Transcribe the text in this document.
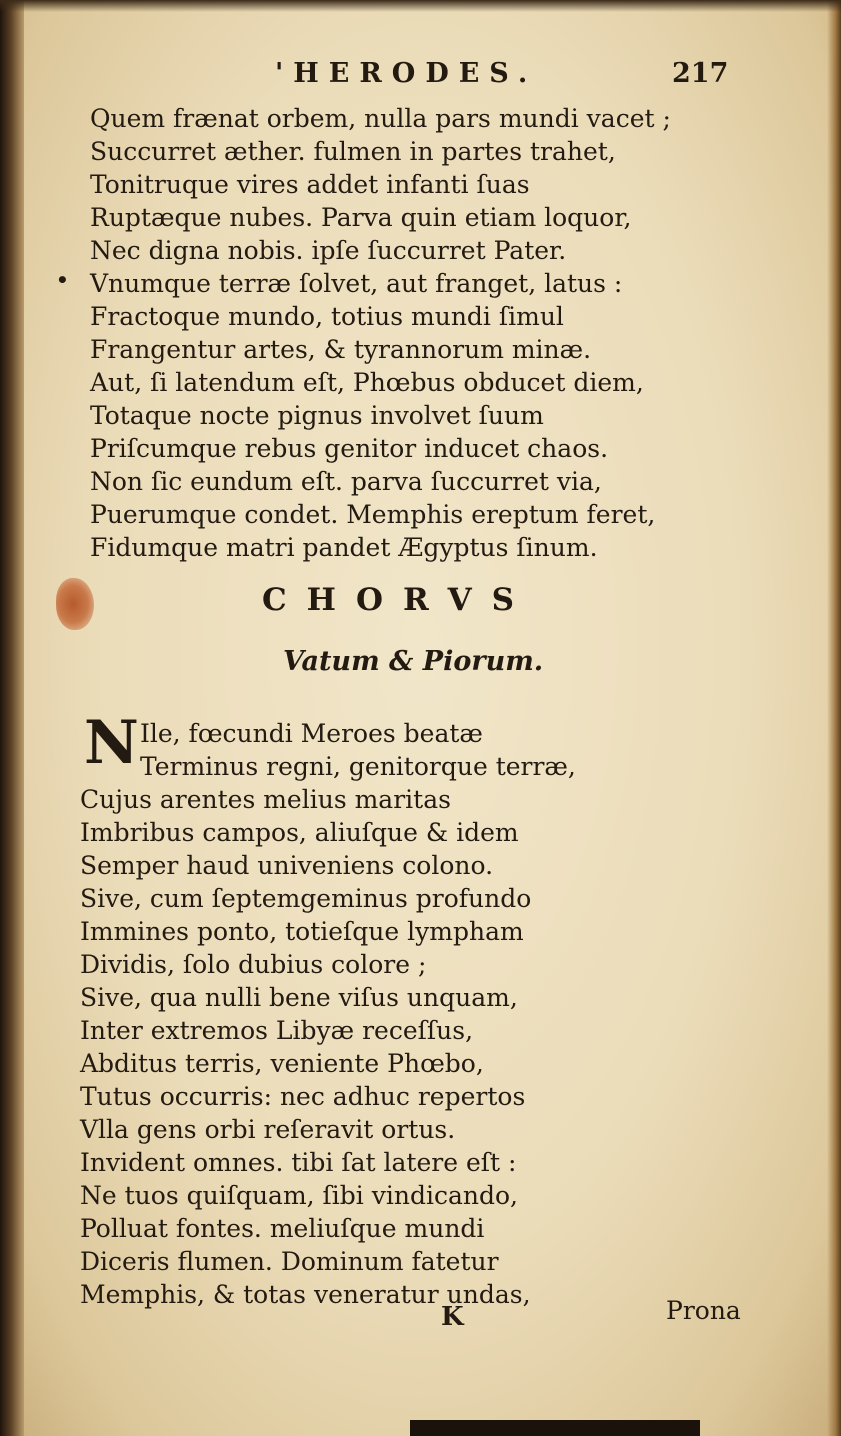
'HERODES.	217
Quem frænat orbem, nulla pars mundi vacet ;
Succurret æther. fulmen in partes trahet,
Tonitruque vires addet infanti ſuas
Ruptæque nubes. Parva quin etiam loquor,
Nec digna nobis. ipſe ſuccurret Pater.
Vnumque terræ ſolvet, aut franget, latus :
Fractoque mundo, totius mundi ſimul
Frangentur artes, & tyrannorum minæ.
Aut, ſi latendum eſt, Phœbus obducet diem,
Totaque nocte pignus involvet ſuum
Priſcumque rebus genitor inducet chaos.
Non ſic eundum eſt. parva ſuccurret via,
Puerumque condet. Memphis ereptum feret,
Fidumque matri pandet Ægyptus ſinum.
•
CHORVS
Vatum & Piorum.
N Ile, fœcundi Meroes beatæ
Terminus regni, genitorque terræ,
Cujus arentes melius maritas
Imbribus campos, aliuſque & idem
Semper haud univeniens colono.
Sive, cum ſeptemgeminus profundo
Immines ponto, totieſque lympham
Dividis, ſolo dubius colore ;
Sive, qua nulli bene viſus unquam,
Inter extremos Libyæ receſſus,
Abditus terris, veniente Phœbo,
Tutus occurris: nec adhuc repertos
Vlla gens orbi reſeravit ortus.
Invident omnes. tibi ſat latere eſt :
Ne tuos quiſquam, ſibi vindicando,
Polluat fontes. meliuſque mundi
Diceris flumen. Dominum fatetur
Memphis, & totas veneratur undas,
K	Prona
